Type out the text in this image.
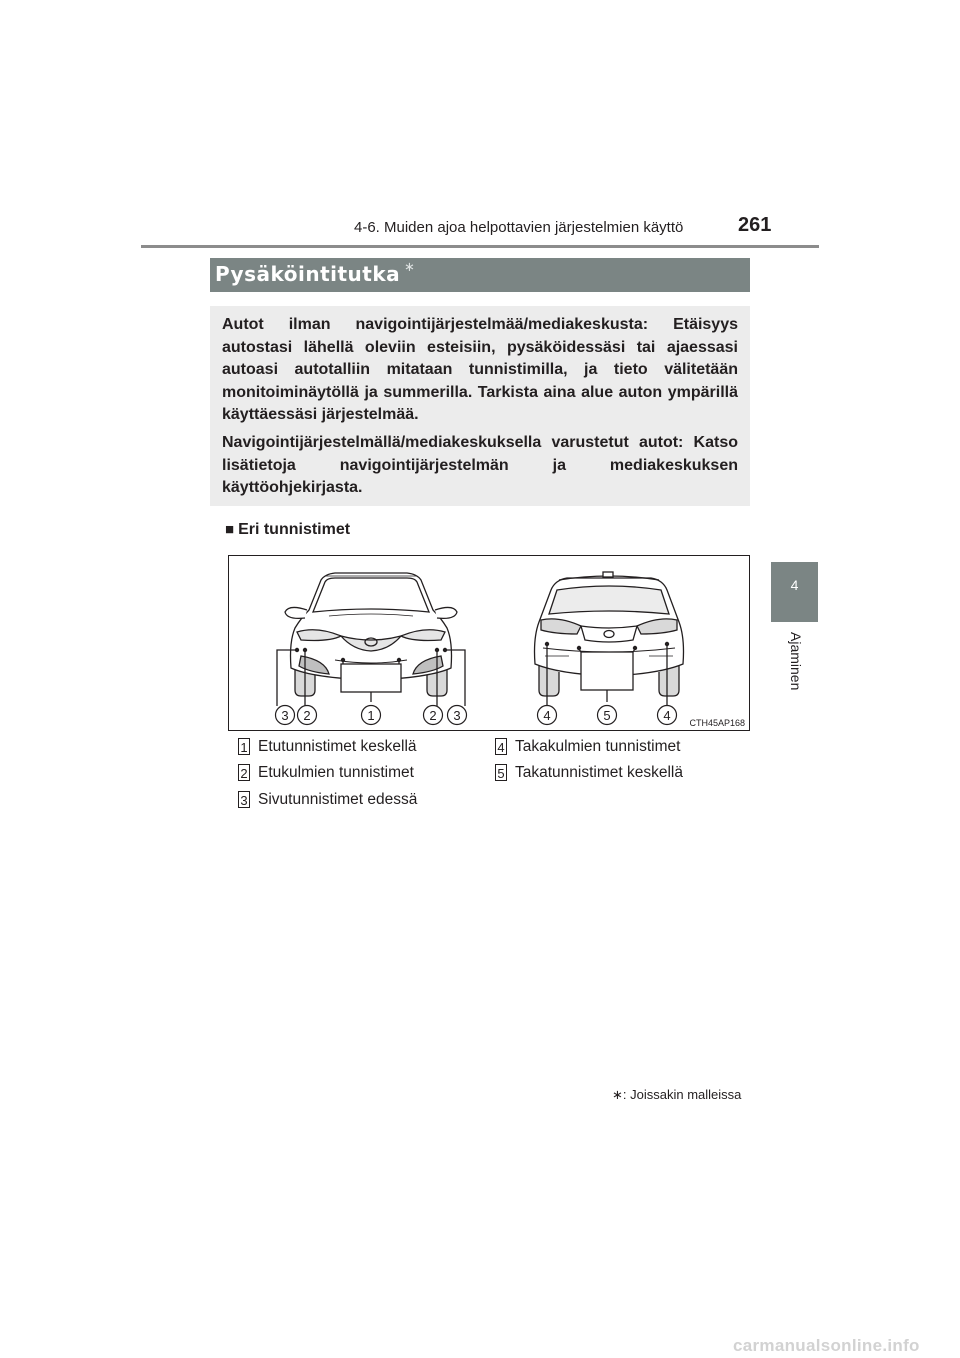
4-6. Muiden ajoa helpottavien järjestelmien käyttö	261
4
Ajaminen
Pysäköintitutka ∗

Autot ilman navigointijärjestelmää/mediakeskusta: Etäisyys autostasi lähellä oleviin esteisiin, pysäköidessäsi tai ajaessasi autoasi autotalliin mitataan tunnistimilla, ja tieto välitetään monitoiminäytöllä ja summerilla. Tarkista aina alue auton ympärillä käyttäessäsi järjestelmää.

Navigointijärjestelmällä/mediakeskuksella varustetut autot: Katso lisätietoja navigointijärjestelmän ja mediakeskuksen käyttöohjekirjasta.

■ Eri tunnistimet
3 2	1	2 3	4	5	4 CTH45AP168
1 Etutunnistimet keskellä
2 Etukulmien tunnistimet
3 Sivutunnistimet edessä
4 Takakulmien tunnistimet
5 Takatunnistimet keskellä
∗: Joissakin malleissa
carmanualsonline.info
